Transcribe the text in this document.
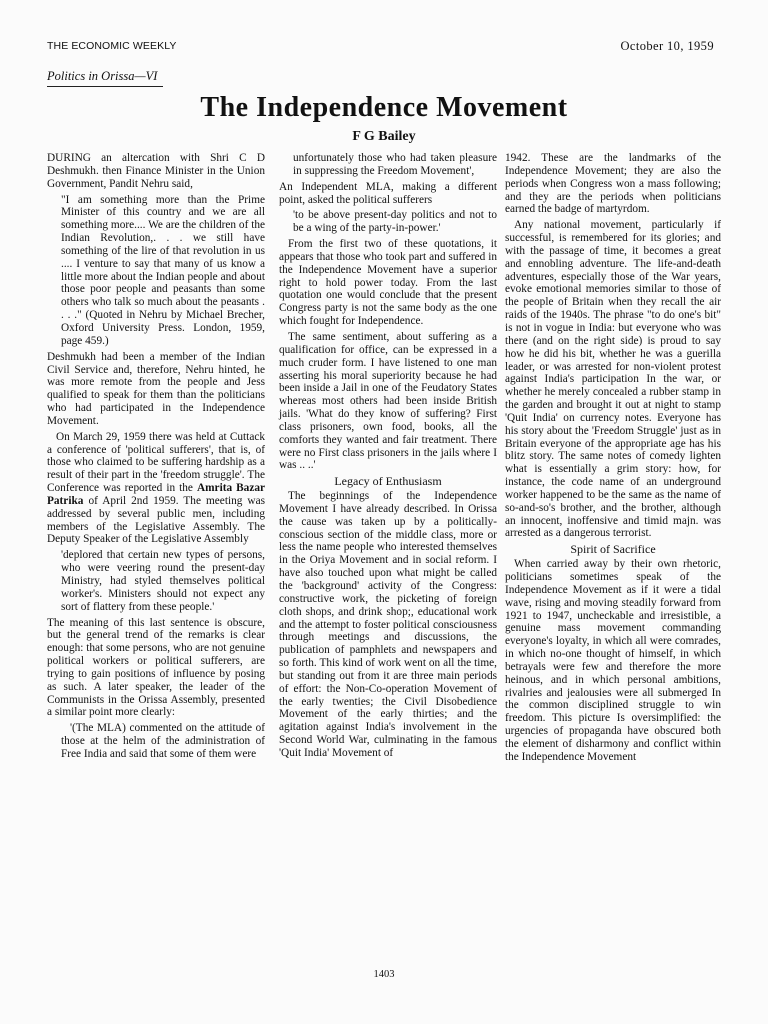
THE ECONOMIC WEEKLY	October 10, 1959
Politics in Orissa—VI
The Independence Movement
F G Bailey

DURING an altercation with Shri C D Deshmukh. then Finance Minister in the Union Government, Pandit Nehru said,

"I am something more than the Prime Minister of this country and we are all something more.... We are the children of the Indian Revolution,. . . we still have something of the lire of that revolution in us .... I venture to say that many of us know a little more about the Indian people and about those poor people and peasants than some others who talk so much about the peasants . . . ." (Quoted in Nehru by Michael Brecher, Oxford University Press. London, 1959, page 459.)

Deshmukh had been a member of the Indian Civil Service and, therefore, Nehru hinted, he was more remote from the people and Jess qualified to speak for them than the politicians who had participated in the Independence Movement.

On March 29, 1959 there was held at Cuttack a conference of 'political sufferers', that is, of those who claimed to be suffering hardship as a result of their part in the 'freedom struggle'. The Conference was reported in the Amrita Bazar Patrika of April 2nd 1959. The meeting was addressed by several public men, including members of the Legislative Assembly. The Deputy Speaker of the Legislative Assembly

'deplored that certain new types of persons, who were veering round the present-day Ministry, had styled themselves political worker's. Ministers should not expect any sort of flattery from these people.'

The meaning of this last sentence is obscure, but the general trend of the remarks is clear enough: that some persons, who are not genuine political workers or political sufferers, are trying to gain positions of influence by posing as such. A later speaker, the leader of the Communists in the Orissa Assembly, presented a similar point more clearly:

'(The MLA) commented on the attitude of those at the helm of the administration of Free India and said that some of them were

unfortunately those who had taken pleasure in suppressing the Freedom Movement',

An Independent MLA, making a different point, asked the political sufferers

'to be above present-day politics and not to be a wing of the party-in-power.'

From the first two of these quotations, it appears that those who took part and suffered in the Independence Movement have a superior right to hold power today. From the last quotation one would conclude that the present Congress party is not the same body as the one which fought for Independence.

The same sentiment, about suffering as a qualification for office, can be expressed in a much cruder form. I have listened to one man asserting his moral superiority because he had been inside a Jail in one of the Feudatory States whereas most others had been inside British jails. 'What do they know of suffering? First class prisoners, own food, books, all the comforts they wanted and fair treatment. There were no First class prisoners in the jails where I was .. ..'

Legacy of Enthusiasm

The beginnings of the Independence Movement I have already described. In Orissa the cause was taken up by a politically-conscious section of the middle class, more or less the name people who interested themselves in the Oriya Movement and in social reform. I have also touched upon what might be called the 'background' activity of the Congress: constructive work, the picketing of foreign cloth shops, and drink shop;, educational work and the attempt to foster political consciousness through meetings and discussions, the publication of pamphlets and newspapers and so forth. This kind of work went on all the time, but standing out from it are three main periods of effort: the Non-Co-operation Movement of the early twenties; the Civil Disobedience Movement of the early thirties; and the agitation against India's involvement in the Second World War, culminating in the famous 'Quit India' Movement of

1942. These are the landmarks of the Independence Movement; they are also the periods when Congress won a mass following; and they are the periods when politicians earned the badge of martyrdom.

Any national movement, particularly if successful, is remembered for its glories; and with the passage of time, it becomes a great and ennobling adventure. The life-and-death adventures, especially those of the War years, evoke emotional memories similar to those of the people of Britain when they recall the air raids of the 1940s. The phrase "to do one's bit" is not in vogue in India: but everyone who was there (and on the right side) is proud to say how he did his bit, whether he was a guerilla leader, or was arrested for non-violent protest against India's participation In the war, or whether he merely concealed a rubber stamp in the garden and brought it out at night to stamp 'Quit India' on currency notes. Everyone has his story about the 'Freedom Struggle' just as in Britain everyone of the appropriate age has his blitz story. The same notes of comedy lighten what is essentially a grim story: how, for instance, the code name of an underground worker happened to be the same as the name of so-and-so's brother, and the brother, although an innocent, inoffensive and timid majn. was arrested as a dangerous terrorist.

Spirit of Sacrifice

When carried away by their own rhetoric, politicians sometimes speak of the Independence Movement as if it were a tidal wave, rising and moving steadily forward from 1921 to 1947, uncheckable and irresistible, a genuine mass movement commanding everyone's loyalty, in which all were comrades, in which no-one thought of himself, in which betrayals were few and therefore the more heinous, and in which personal ambitions, rivalries and jealousies were all submerged In the common disciplined struggle to win freedom. This picture Is oversimplified: the urgencies of propaganda have obscured both the element of disharmony and conflict within the Independence Movement

1403
